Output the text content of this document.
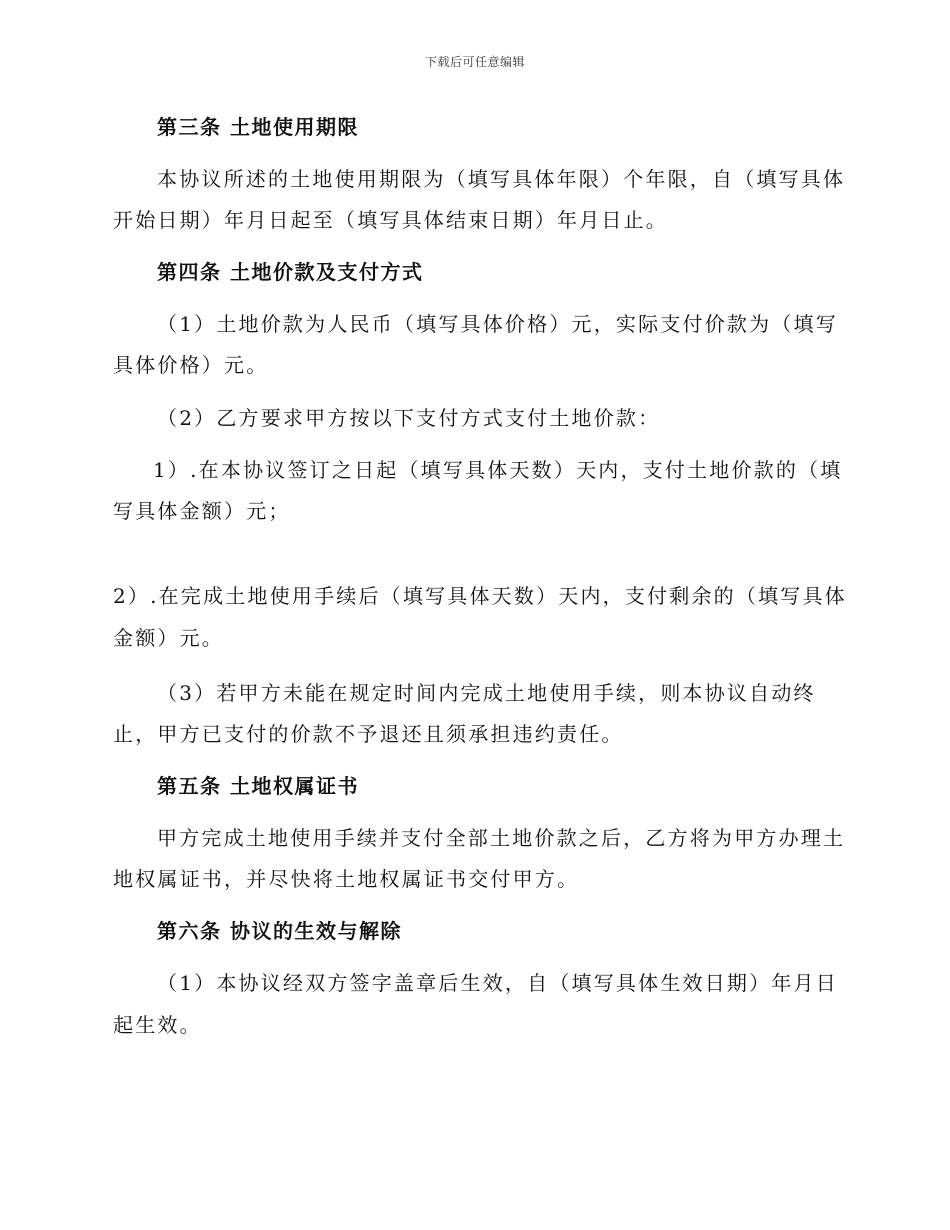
下载后可任意编辑
第三条 土地使用期限
本协议所述的土地使用期限为（填写具体年限）个年限，自（填写具体
开始日期）年月日起至（填写具体结束日期）年月日止。
第四条 土地价款及支付方式
（1）土地价款为人民币（填写具体价格）元，实际支付价款为（填写
具体价格）元。
（2）乙方要求甲方按以下支付方式支付土地价款：
1）.在本协议签订之日起（填写具体天数）天内，支付土地价款的（填
写具体金额）元；
2）.在完成土地使用手续后（填写具体天数）天内，支付剩余的（填写具体
金额）元。
（3）若甲方未能在规定时间内完成土地使用手续，则本协议自动终
止，甲方已支付的价款不予退还且须承担违约责任。
第五条 土地权属证书
甲方完成土地使用手续并支付全部土地价款之后，乙方将为甲方办理土
地权属证书，并尽快将土地权属证书交付甲方。
第六条 协议的生效与解除
（1）本协议经双方签字盖章后生效，自（填写具体生效日期）年月日
起生效。
